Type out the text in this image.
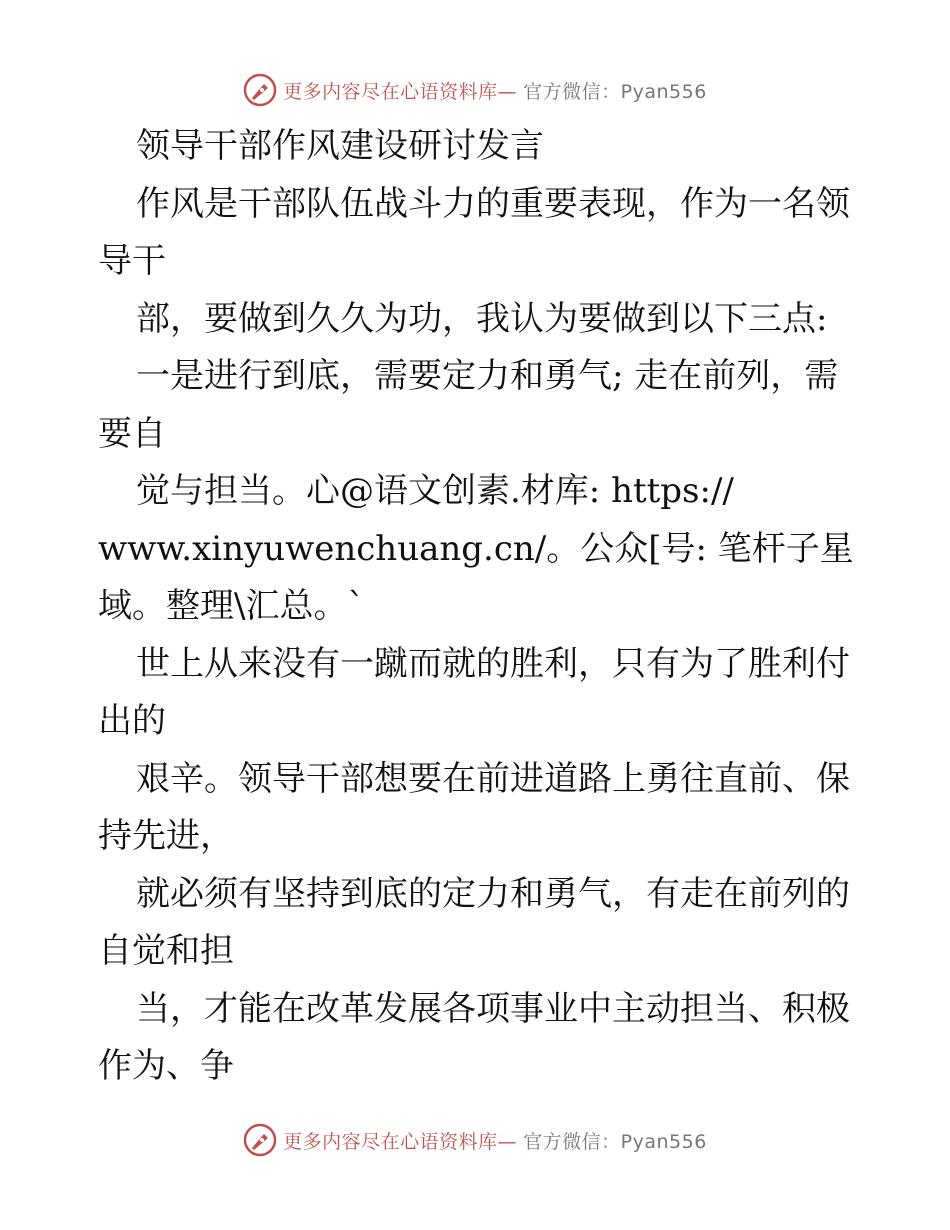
更多内容尽在心语资料库— 官方微信：Pyan556
领导干部作风建设研讨发言
作风是干部队伍战斗力的重要表现，作为一名领
导干
部，要做到久久为功，我认为要做到以下三点:
一是进行到底，需要定力和勇气; 走在前列，需
要自
觉与担当。心@语文创素.材库: https://
www.xinyuwenchuang.cn/。公众[号: 笔杆子星
域。整理\汇总。`
世上从来没有一蹴而就的胜利，只有为了胜利付
出的
艰辛。领导干部想要在前进道路上勇往直前、保
持先进，
就必须有坚持到底的定力和勇气，有走在前列的
自觉和担
当，才能在改革发展各项事业中主动担当、积极
作为、争
更多内容尽在心语资料库— 官方微信：Pyan556
